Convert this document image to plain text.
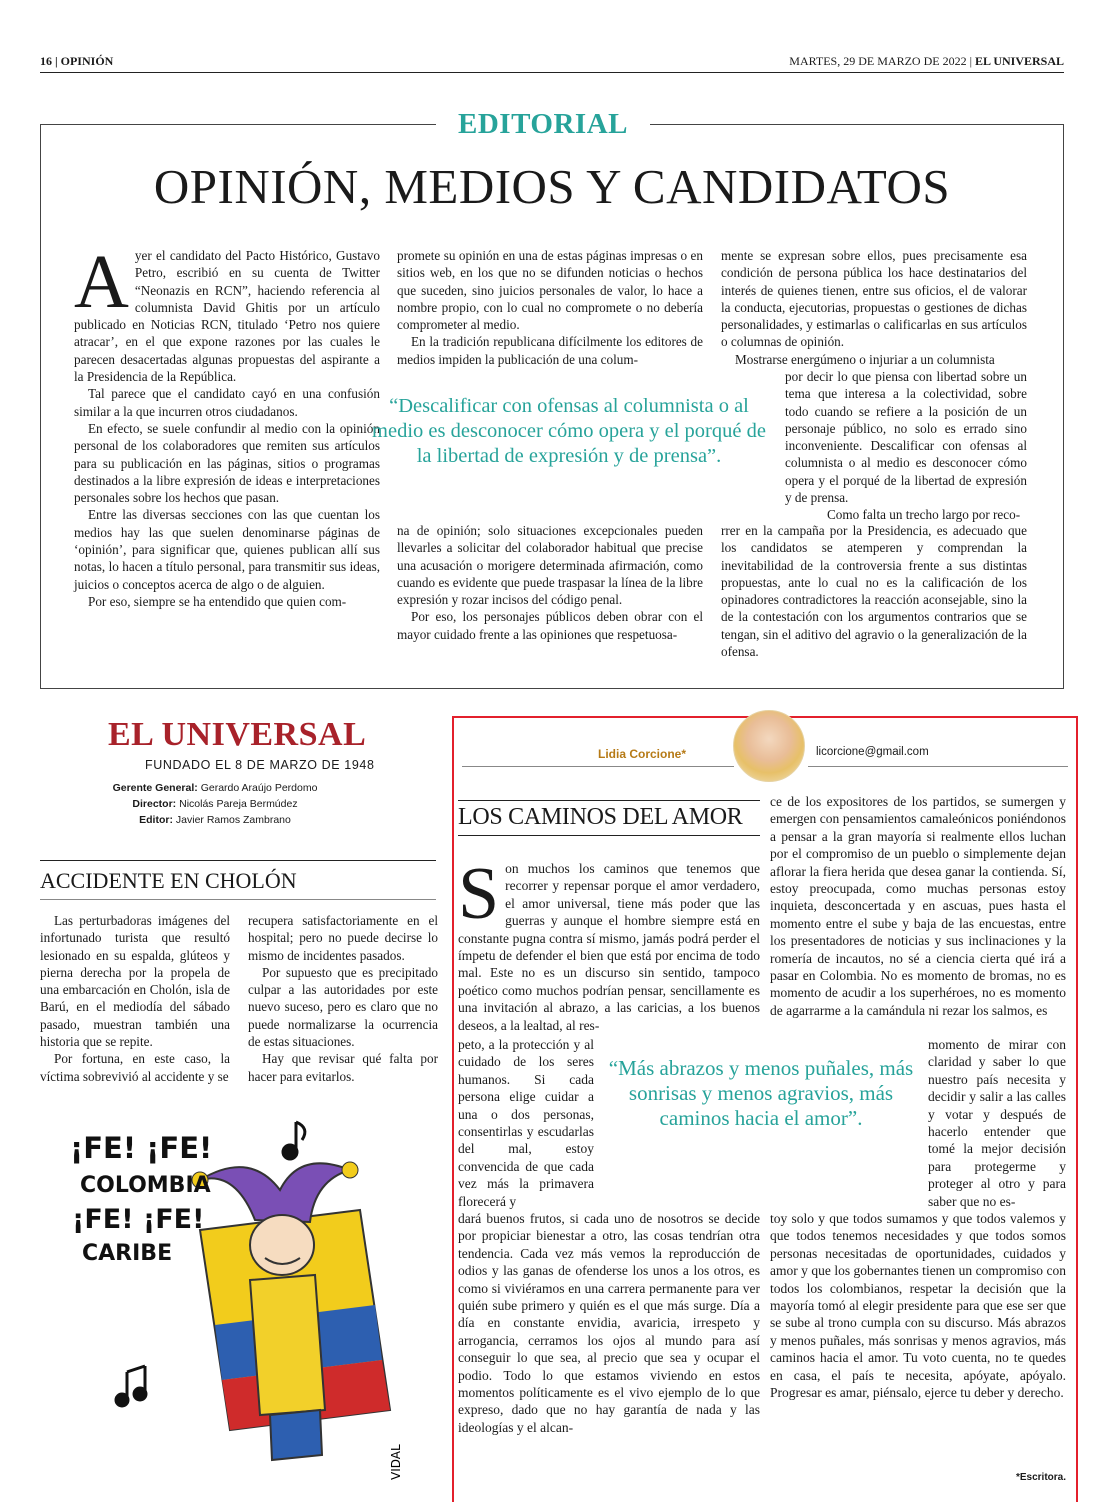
16 | OPINIÓN	MARTES, 29 DE MARZO DE 2022 | EL UNIVERSAL
EDITORIAL
OPINIÓN, MEDIOS Y CANDIDATOS
A yer el candidato del Pacto Histórico, Gustavo Petro, escribió en su cuenta de Twitter “Neonazis en RCN”, haciendo referencia al columnista David Ghitis por un artículo publicado en Noticias RCN, titulado ‘Petro nos quiere atracar’, en el que expone razones por las cuales le parecen desacertadas algunas propuestas del aspirante a la Presidencia de la República.

Tal parece que el candidato cayó en una confusión similar a la que incurren otros ciudadanos.

En efecto, se suele confundir al medio con la opinión personal de los colaboradores que remiten sus artículos para su publicación en las páginas, sitios o programas destinados a la libre expresión de ideas e interpretaciones personales sobre los hechos que pasan.

Entre las diversas secciones con las que cuentan los medios hay las que suelen denominarse páginas de ‘opinión’, para significar que, quienes publican allí sus notas, lo hacen a título personal, para transmitir sus ideas, juicios o conceptos acerca de algo o de alguien.

Por eso, siempre se ha entendido que quien com-

promete su opinión en una de estas páginas impresas o en sitios web, en los que no se difunden noticias o hechos que suceden, sino juicios personales de valor, lo hace a nombre propio, con lo cual no compromete o no debería comprometer al medio.

En la tradición republicana difícilmente los editores de medios impiden la publicación de una colum-

“Descalificar con ofensas al columnista o al medio es desconocer cómo opera y el porqué de la libertad de expresión y de prensa”.

na de opinión; solo situaciones excepcionales pueden llevarles a solicitar del colaborador habitual que precise una acusación o morigere determinada afirmación, como cuando es evidente que puede traspasar la línea de la libre expresión y rozar incisos del código penal.

Por eso, los personajes públicos deben obrar con el mayor cuidado frente a las opiniones que respetuosa-

mente se expresan sobre ellos, pues precisamente esa condición de persona pública los hace destinatarios del interés de quienes tienen, entre sus oficios, el de valorar la conducta, ejecutorias, propuestas o gestiones de dichas personalidades, y estimarlas o calificarlas en sus artículos o columnas de opinión.

Mostrarse energúmeno o injuriar a un columnista

por decir lo que piensa con libertad sobre un tema que interesa a la colectividad, sobre todo cuando se refiere a la posición de un personaje público, no solo es errado sino inconveniente. Descalificar con ofensas al columnista o al medio es desconocer cómo opera y el porqué de la libertad de expresión y de prensa.

Como falta un trecho largo por reco-

rrer en la campaña por la Presidencia, es adecuado que los candidatos se atemperen y comprendan la inevitabilidad de la controversia frente a sus distintas propuestas, ante lo cual no es la calificación de los opinadores contradictores la reacción aconsejable, sino la de la contestación con los argumentos contrarios que se tengan, sin el aditivo del agravio o la generalización de la ofensa.

EL UNIVERSAL
FUNDADO EL 8 DE MARZO DE 1948
Gerente General: Gerardo Araújo Perdomo
Director: Nicolás Pareja Bermúdez
Editor: Javier Ramos Zambrano
ACCIDENTE EN CHOLÓN

Las perturbadoras imágenes del infortunado turista que resultó lesionado en su espalda, glúteos y pierna derecha por la propela de una embarcación en Cholón, isla de Barú, en el mediodía del sábado pasado, muestran también una historia que se repite.

Por fortuna, en este caso, la víctima sobrevivió al accidente y se

recupera satisfactoriamente en el hospital; pero no puede decirse lo mismo de incidentes pasados.

Por supuesto que es precipitado culpar a las autoridades por este nuevo suceso, pero es claro que no puede normalizarse la ocurrencia de estas situaciones.

Hay que revisar qué falta por hacer para evitarlos.

¡FE! ¡FE!
COLOMBIA
¡FE! ¡FE!
CARIBE
VIDAL
Lidia Corcione*	licorcione@gmail.com
LOS CAMINOS DEL AMOR
S on muchos los caminos que tenemos que recorrer y repensar porque el amor verdadero, el amor universal, tiene más poder que las guerras y aunque el hombre siempre está en constante pugna contra sí mismo, jamás podrá perder el ímpetu de defender el bien que está por encima de todo mal. Este no es un discurso sin sentido, tampoco poético como muchos podrían pensar, sencillamente es una invitación al abrazo, a las caricias, a los buenos deseos, a la lealtad, al res-

peto, a la protección y al cuidado de los seres humanos. Si cada persona elige cuidar a una o dos personas, consentirlas y escudarlas del mal, estoy convencida de que cada vez más la primavera florecerá y

dará buenos frutos, si cada uno de nosotros se decide por propiciar bienestar a otro, las cosas tendrían otra tendencia. Cada vez más vemos la reproducción de odios y las ganas de ofenderse los unos a los otros, es como si viviéramos en una carrera permanente para ver quién sube primero y quién es el que más surge. Día a día en constante envidia, avaricia, irrespeto y arrogancia, cerramos los ojos al mundo para así conseguir lo que sea, al precio que sea y ocupar el podio. Todo lo que estamos viviendo en estos momentos políticamente es el vivo ejemplo de lo que expreso, dado que no hay garantía de nada y las ideologías y el alcan-

ce de los expositores de los partidos, se sumergen y emergen con pensamientos camaleónicos poniéndonos a pensar a la gran mayoría si realmente ellos luchan por el compromiso de un pueblo o simplemente dejan aflorar la fiera herida que desea ganar la contienda. Sí, estoy preocupada, como muchas personas estoy inquieta, desconcertada y en ascuas, pues hasta el momento entre el sube y baja de las encuestas, entre los presentadores de noticias y sus inclinaciones y la romería de incautos, no sé a ciencia cierta qué irá a pasar en Colombia. No es momento de bromas, no es momento de acudir a los superhéroes, no es momento de agarrarme a la camándula ni rezar los salmos, es

momento de mirar con claridad y saber lo que nuestro país necesita y decidir y salir a las calles y votar y después de hacerlo entender que tomé la mejor decisión para protegerme y proteger al otro y para saber que no es-

toy solo y que todos sumamos y que todos valemos y que todos tenemos necesidades y que todos somos personas necesitadas de oportunidades, cuidados y amor y que los gobernantes tienen un compromiso con todos los colombianos, respetar la decisión que la mayoría tomó al elegir presidente para que ese ser que se sube al trono cumpla con su discurso. Más abrazos y menos puñales, más sonrisas y menos agravios, más caminos hacia el amor. Tu voto cuenta, no te quedes en casa, el país te necesita, apóyate, apóyalo. Progresar es amar, piénsalo, ejerce tu deber y derecho.

“Más abrazos y menos puñales, más sonrisas y menos agravios, más caminos hacia el amor”.
*Escritora.
